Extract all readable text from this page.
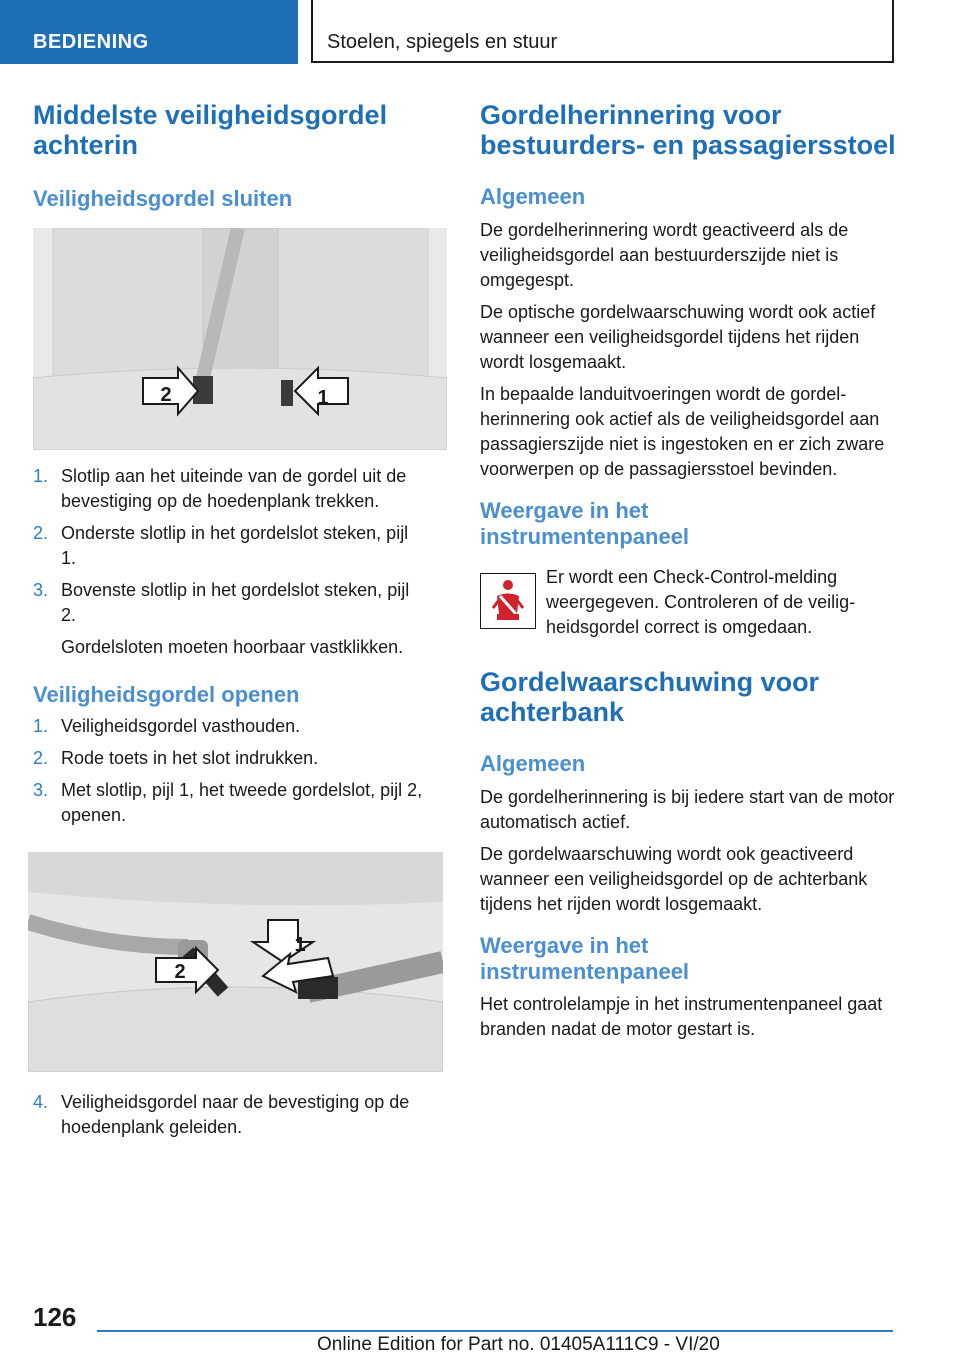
BEDIENING	Stoelen, spiegels en stuur
Middelste veiligheidsgordel achterin
Veiligheidsgordel sluiten
2	1
1. Slotlip aan het uiteinde van de gordel uit de bevestiging op de hoedenplank trekken.
2. Onderste slotlip in het gordelslot steken, pijl 1.
3. Bovenste slotlip in het gordelslot steken, pijl 2.

Gordelsloten moeten hoorbaar vastklikken.

Veiligheidsgordel openen
1. Veiligheidsgordel vasthouden.
2. Rode toets in het slot indrukken.
3. Met slotlip, pijl 1, het tweede gordelslot, pijl 2, openen.
1
2
4. Veiligheidsgordel naar de bevestiging op de hoedenplank geleiden.
Gordelherinnering voor bestuurders- en passagiersstoel
Algemeen

De gordelherinnering wordt geactiveerd als de veiligheidsgordel aan bestuurderszijde niet is omgegespt.

De optische gordelwaarschuwing wordt ook actief wanneer een veiligheidsgordel tijdens het rijden wordt losgemaakt.

In bepaalde landuitvoeringen wordt de gordelherinnering ook actief als de veiligheidsgordel aan passagierszijde niet is ingestoken en er zich zware voorwerpen op de passagiersstoel bevinden.

Weergave in het instrumentenpaneel

Er wordt een Check-Control-melding weergegeven. Controleren of de veiligheidsgordel correct is omgedaan.

Gordelwaarschuwing voor achterbank
Algemeen

De gordelherinnering is bij iedere start van de motor automatisch actief.

De gordelwaarschuwing wordt ook geactiveerd wanneer een veiligheidsgordel op de achterbank tijdens het rijden wordt losgemaakt.

Weergave in het instrumentenpaneel

Het controlelampje in het instrumentenpaneel gaat branden nadat de motor gestart is.

126
Online Edition for Part no. 01405A111C9 - VI/20
